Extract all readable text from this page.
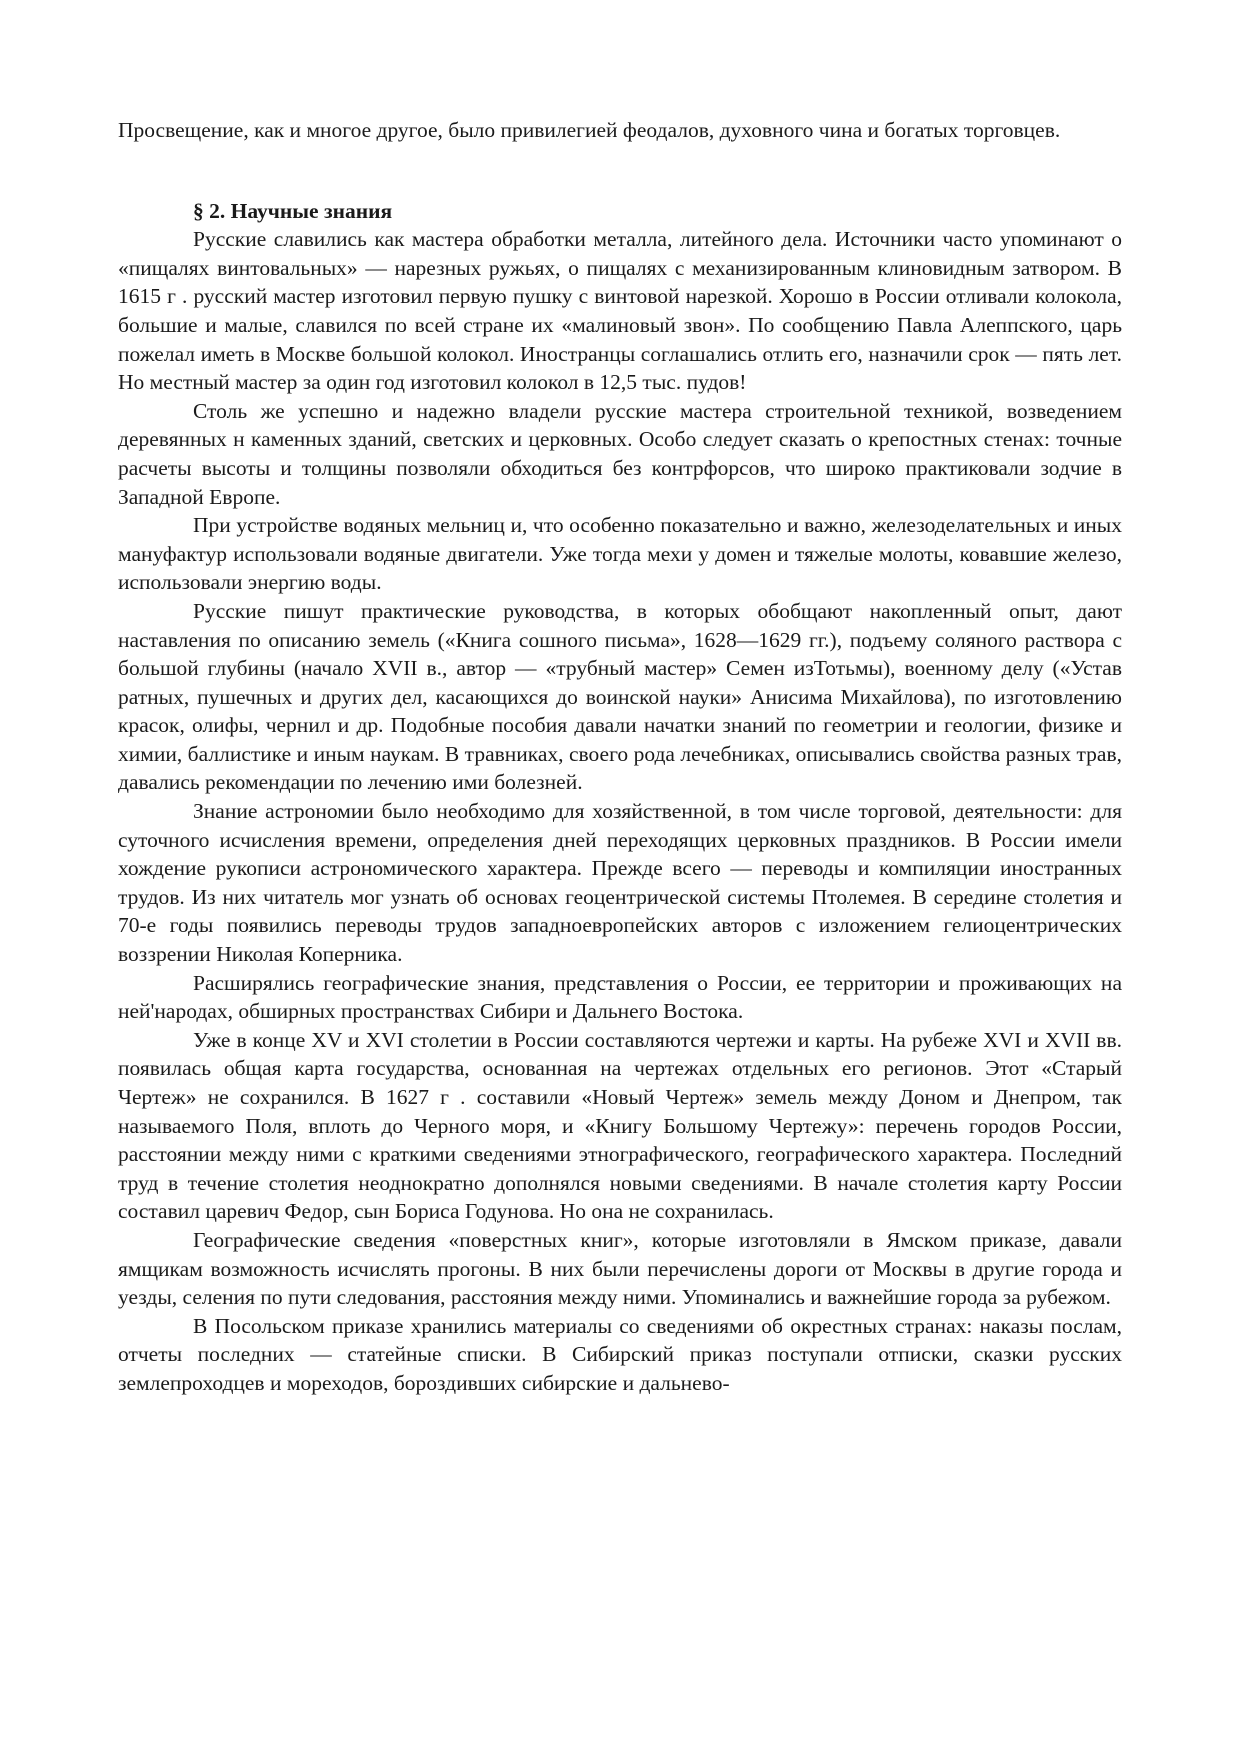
Просвещение, как и многое другое, было привилегией феодалов, духовного чина и богатых торговцев.

§ 2. Научные знания

Русские славились как мастера обработки металла, литейного дела. Источники часто упоминают о «пищалях винтовальных» — нарезных ружьях, о пищалях с механизированным клиновидным затвором. В 1615 г . русский мастер изготовил первую пушку с винтовой нарезкой. Хорошо в России отливали колокола, большие и малые, славился по всей стране их «малиновый звон». По сообщению Павла Алеппского, царь пожелал иметь в Москве большой колокол. Иностранцы соглашались отлить его, назначили срок — пять лет. Но местный мастер за один год изготовил колокол в 12,5 тыс. пудов!

Столь же успешно и надежно владели русские мастера строительной техникой, возведением деревянных н каменных зданий, светских и церковных. Особо следует сказать о крепостных стенах: точные расчеты высоты и толщины позволяли обходиться без контрфорсов, что широко практиковали зодчие в Западной Европе.

При устройстве водяных мельниц и, что особенно показательно и важно, железоделательных и иных мануфактур использовали водяные двигатели. Уже тогда мехи у домен и тяжелые молоты, ковавшие железо, использовали энергию воды.

Русские пишут практические руководства, в которых обобщают накопленный опыт, дают наставления по описанию земель («Книга сошного письма», 1628—1629 гг.), подъему соляного раствора с большой глубины (начало XVII в., автор — «трубный мастер» Семен изТотьмы), военному делу («Устав ратных, пушечных и других дел, касающихся до воинской науки» Анисима Михайлова), по изготовлению красок, олифы, чернил и др. Подобные пособия давали начатки знаний по геометрии и геологии, физике и химии, баллистике и иным наукам. В травниках, своего рода лечебниках, описывались свойства разных трав, давались рекомендации по лечению ими болезней.

Знание астрономии было необходимо для хозяйственной, в том числе торговой, деятельности: для суточного исчисления времени, определения дней переходящих церковных праздников. В России имели хождение рукописи астрономического характера. Прежде всего — переводы и компиляции иностранных трудов. Из них читатель мог узнать об основах геоцентрической системы Птолемея. В середине столетия и 70-е годы появились переводы трудов западноевропейских авторов с изложением гелиоцентрических воззрении Николая Коперника.

Расширялись географические знания, представления о России, ее территории и проживающих на ней'народах, обширных пространствах Сибири и Дальнего Востока.

Уже в конце XV и XVI столетии в России составляются чертежи и карты. На рубеже XVI и XVII вв. появилась общая карта государства, основанная на чертежах отдельных его регионов. Этот «Старый Чертеж» не сохранился. В 1627 г . составили «Новый Чертеж» земель между Доном и Днепром, так называемого Поля, вплоть до Черного моря, и «Книгу Большому Чертежу»: перечень городов России, расстоянии между ними с краткими сведениями этнографического, географического характера. Последний труд в течение столетия неоднократно дополнялся новыми сведениями. В начале столетия карту России составил царевич Федор, сын Бориса Годунова. Но она не сохранилась.

Географические сведения «поверстных книг», которые изготовляли в Ямском приказе, давали ямщикам возможность исчислять прогоны. В них были перечислены дороги от Москвы в другие города и уезды, селения по пути следования, расстояния между ними. Упоминались и важнейшие города за рубежом.

В Посольском приказе хранились материалы со сведениями об окрестных странах: наказы послам, отчеты последних — статейные списки. В Сибирский приказ поступали отписки, сказки русских землепроходцев и мореходов, бороздивших сибирские и дальнево-
